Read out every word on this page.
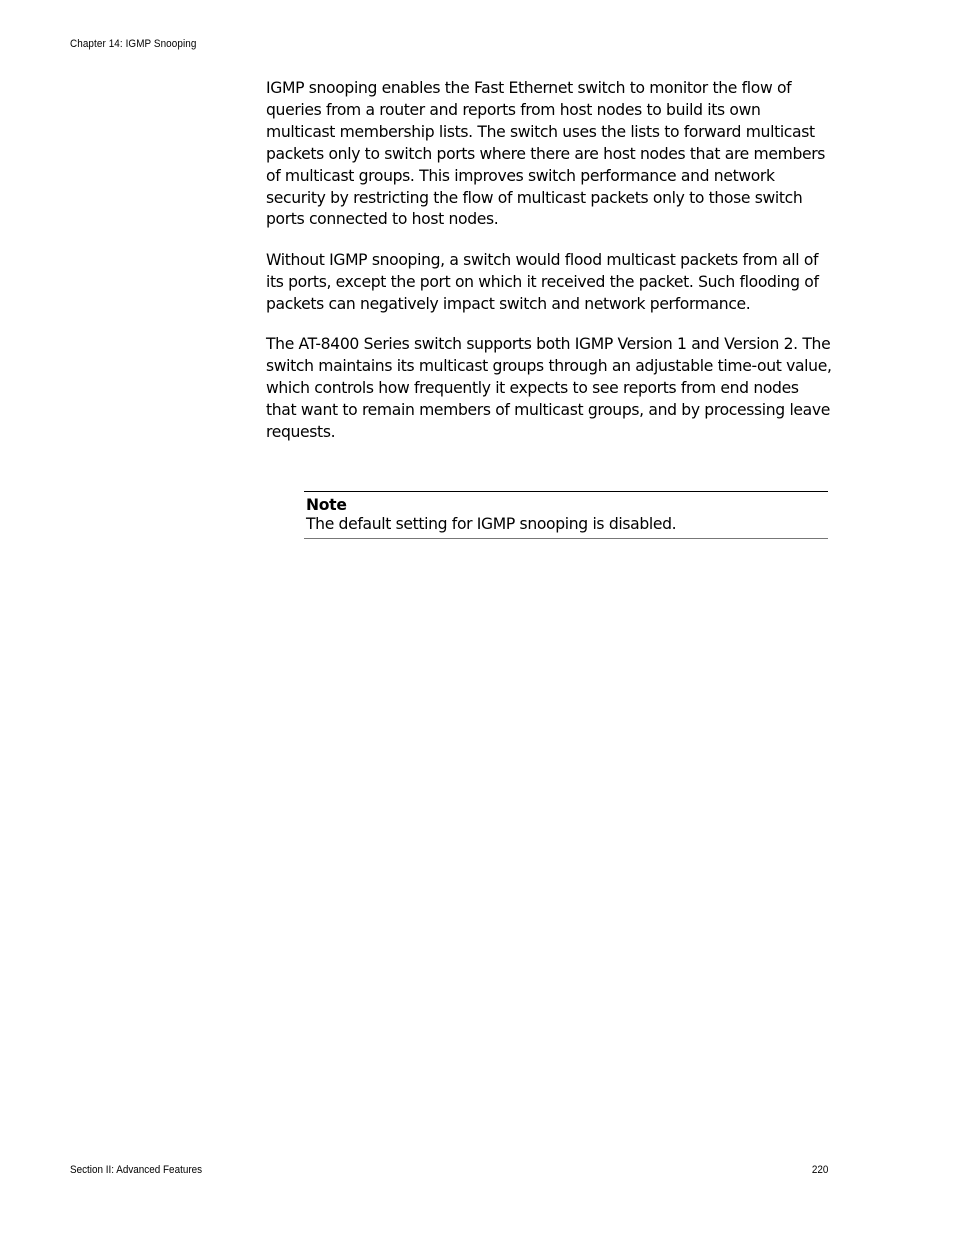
Chapter 14: IGMP Snooping

IGMP snooping enables the Fast Ethernet switch to monitor the flow of queries from a router and reports from host nodes to build its own multicast membership lists. The switch uses the lists to forward multicast packets only to switch ports where there are host nodes that are members of multicast groups. This improves switch performance and network security by restricting the flow of multicast packets only to those switch ports connected to host nodes.

Without IGMP snooping, a switch would flood multicast packets from all of its ports, except the port on which it received the packet. Such flooding of packets can negatively impact switch and network performance.

The AT-8400 Series switch supports both IGMP Version 1 and Version 2. The switch maintains its multicast groups through an adjustable time-out value, which controls how frequently it expects to see reports from end nodes that want to remain members of multicast groups, and by processing leave requests.

Note
The default setting for IGMP snooping is disabled.
Section II: Advanced Features	220
